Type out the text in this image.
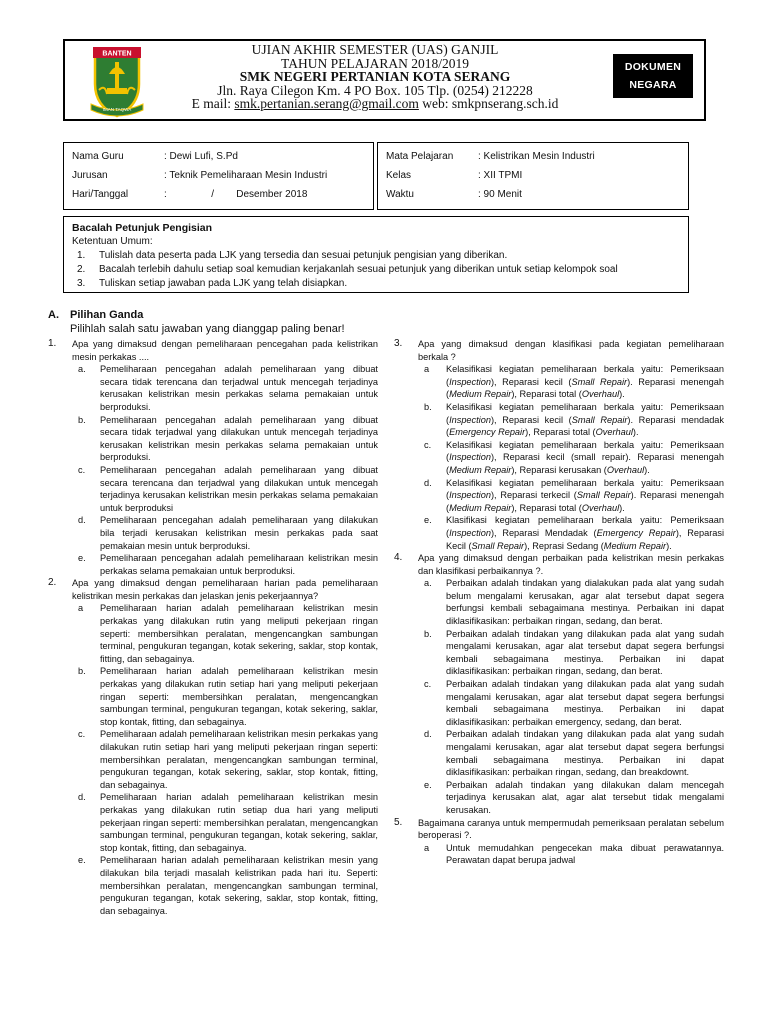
BANTEN
IMAN TAQWA
UJIAN AKHIR SEMESTER (UAS) GANJIL
TAHUN PELAJARAN 2018/2019
SMK NEGERI PERTANIAN KOTA SERANG
Jln. Raya Cilegon Km. 4 PO Box. 105 Tlp. (0254) 212228
E mail: smk.pertanian.serang@gmail.com web: smkpnserang.sch.id
DOKUMEN
NEGARA
Nama Guru	: Dewi Lufi, S.Pd
Jurusan	: Teknik Pemeliharaan Mesin Industri
Hari/Tanggal	:                /        Desember 2018
Mata Pelajaran : Kelistrikan Mesin Industri
Kelas	: XII TPMI
Waktu	: 90 Menit
Bacalah Petunjuk Pengisian
Ketentuan Umum:
1. Tulislah data peserta pada LJK yang tersedia dan sesuai petunjuk pengisian yang diberikan.
2. Bacalah terlebih dahulu setiap soal kemudian kerjakanlah sesuai petunjuk yang diberikan untuk setiap kelompok soal
3. Tuliskan setiap jawaban pada LJK yang telah disiapkan.
A. Pilihan Ganda
Pilihlah salah satu jawaban yang dianggap paling benar!
1. Apa yang dimaksud dengan pemeliharaan pencegahan pada kelistrikan mesin perkakas ....
a. Pemeliharaan pencegahan adalah pemeliharaan yang dibuat secara tidak terencana dan terjadwal untuk mencegah terjadinya kerusakan kelistrikan mesin perkakas selama pemakaian untuk berproduksi.
b. Pemeliharaan pencegahan adalah pemeliharaan yang dibuat secara tidak terjadwal yang dilakukan untuk mencegah terjadinya kerusakan kelistrikan mesin perkakas selama pemakaian untuk berproduksi.
c. Pemeliharaan pencegahan adalah pemeliharaan yang dibuat secara terencana dan terjadwal yang dilakukan untuk mencegah terjadinya kerusakan kelistrikan mesin perkakas selama pemakaian untuk berproduksi
d. Pemeliharaan pencegahan adalah pemeliharaan yang dilakukan bila terjadi kerusakan kelistrikan mesin perkakas pada saat pemakaian mesin untuk berproduksi.
e. Pemeliharaan pencegahan adalah pemeliharaan kelistrikan mesin perkakas selama pemakaian untuk berproduksi.
2. Apa yang dimaksud dengan pemeliharaan harian pada pemeliharaan kelistrikan mesin perkakas dan jelaskan jenis pekerjaannya?
a Pemeliharaan harian adalah pemeliharaan kelistrikan mesin perkakas yang dilakukan rutin yang meliputi pekerjaan ringan seperti: membersihkan peralatan, mengencangkan sambungan terminal, pengukuran tegangan, kotak sekering, saklar, stop kontak, fitting, dan sebagainya.
b. Pemeliharaan harian adalah pemeliharaan kelistrikan mesin perkakas yang dilakukan rutin setiap hari yang meliputi pekerjaan ringan seperti: membersihkan peralatan, mengencangkan sambungan terminal, pengukuran tegangan, kotak sekering, saklar, stop kontak, fitting, dan sebagainya.
c. Pemeliharaan adalah pemeliharaan kelistrikan mesin perkakas yang dilakukan rutin setiap hari yang meliputi pekerjaan ringan seperti: membersihkan peralatan, mengencangkan sambungan terminal, pengukuran tegangan, kotak sekering, saklar, stop kontak, fitting, dan sebagainya.
d. Pemeliharaan harian adalah pemeliharaan kelistrikan mesin perkakas yang dilakukan rutin setiap dua hari yang meliputi pekerjaan ringan seperti: membersihkan peralatan, mengencangkan sambungan terminal, pengukuran tegangan, kotak sekering, saklar, stop kontak, fitting, dan sebagainya.
e. Pemeliharaan harian adalah pemeliharaan kelistrikan mesin yang dilakukan bila terjadi masalah kelistrikan pada hari itu. Seperti: membersihkan peralatan, mengencangkan sambungan terminal, pengukuran tegangan, kotak sekering, saklar, stop kontak, fitting, dan sebagainya.
3. Apa yang dimaksud dengan klasifikasi pada kegiatan pemeliharaan berkala ?
a Kelasifikasi kegiatan pemeliharaan berkala yaitu: Pemeriksaan (Inspection), Reparasi kecil (Small Repair). Reparasi menengah (Medium Repair), Reparasi total (Overhaul).
b. Kelasifikasi kegiatan pemeliharaan berkala yaitu: Pemeriksaan (Inspection), Reparasi kecil (Small Repair). Reparasi mendadak (Emergency Repair), Reparasi total (Overhaul).
c. Kelasifikasi kegiatan pemeliharaan berkala yaitu: Pemeriksaan (Inspection), Reparasi kecil (small repair). Reparasi menengah (Medium Repair), Reparasi kerusakan (Overhaul).
d. Kelasifikasi kegiatan pemeliharaan berkala yaitu: Pemeriksaan (Inspection), Reparasi terkecil (Small Repair). Reparasi menengah (Medium Repair), Reparasi total (Overhaul).
e. Klasifikasi kegiatan pemeliharaan berkala yaitu: Pemeriksaan (Inspection), Reparasi Mendadak (Emergency Repair), Reparasi Kecil (Small Repair), Reprasi Sedang (Medium Repair).
4. Apa yang dimaksud dengan perbaikan pada kelistrikan mesin perkakas dan klasifikasi perbaikannya ?.
a. Perbaikan adalah tindakan yang dialakukan pada alat yang sudah belum mengalami kerusakan, agar alat tersebut dapat segera berfungsi kembali sebagaimana mestinya. Perbaikan ini dapat diklasifikasikan: perbaikan ringan, sedang, dan berat.
b. Perbaikan adalah tindakan yang dilakukan pada alat yang sudah mengalami kerusakan, agar alat tersebut dapat segera berfungsi kembali sebagaimana mestinya. Perbaikan ini dapat diklasifikasikan: perbaikan ringan, sedang, dan berat.
c. Perbaikan adalah tindakan yang dilakukan pada alat yang sudah mengalami kerusakan, agar alat tersebut dapat segera berfungsi kembali sebagaimana mestinya. Perbaikan ini dapat diklasifikasikan: perbaikan emergency, sedang, dan berat.
d. Perbaikan adalah tindakan yang dilakukan pada alat yang sudah mengalami kerusakan, agar alat tersebut dapat segera berfungsi kembali sebagaimana mestinya. Perbaikan ini dapat diklasifikasikan: perbaikan ringan, sedang, dan breakdownt.
e. Perbaikan adalah tindakan yang dilakukan dalam mencegah terjadinya kerusakan alat, agar alat tersebut tidak mengalami kerusakan.
5. Bagaimana caranya untuk mempermudah pemeriksaan peralatan sebelum beroperasi ?.
a Untuk memudahkan pengecekan maka dibuat perawatannya. Perawatan dapat berupa jadwal
